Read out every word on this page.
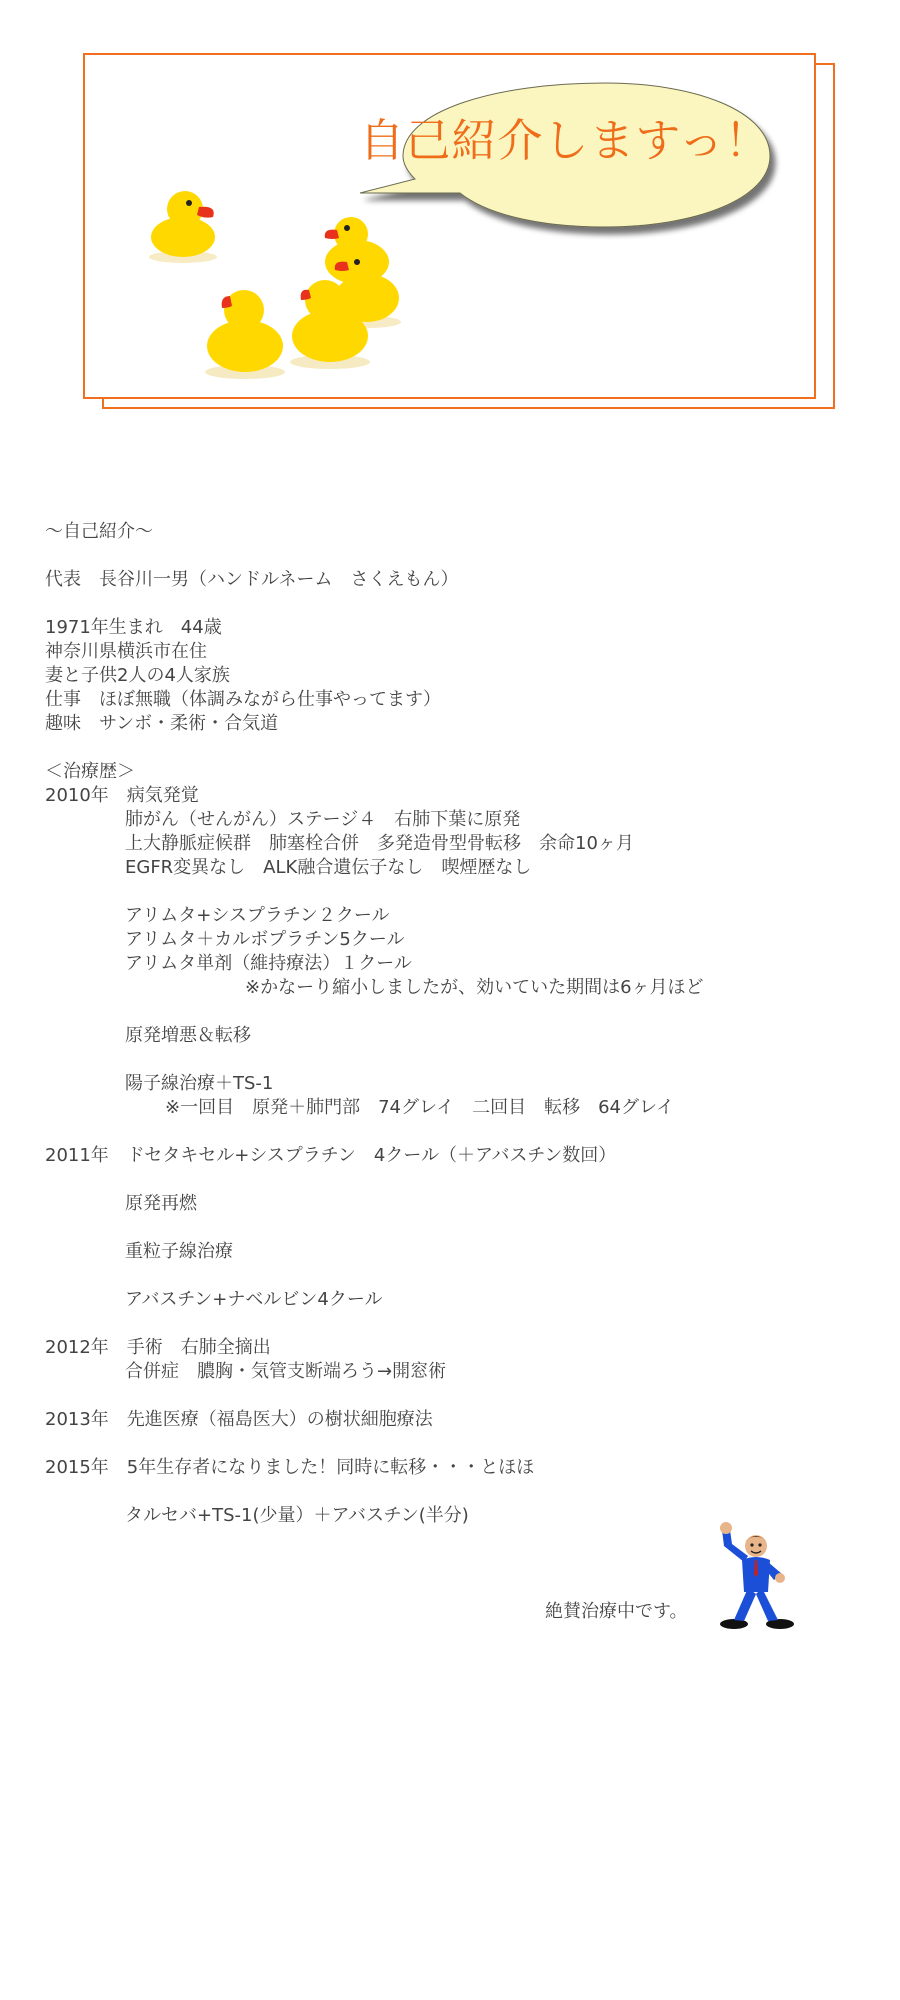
自己紹介しますっ！
〜自己紹介〜
代表　長谷川一男（ハンドルネーム　さくえもん）
1971年生まれ　44歳
神奈川県横浜市在住
妻と子供2人の4人家族
仕事　ほぼ無職（体調みながら仕事やってます）
趣味　サンボ・柔術・合気道
＜治療歴＞
2010年　病気発覚
肺がん（せんがん）ステージ４　右肺下葉に原発
上大静脈症候群　肺塞栓合併　多発造骨型骨転移　余命10ヶ月
EGFR変異なし　ALK融合遺伝子なし　喫煙歴なし
アリムタ+シスプラチン２クール
アリムタ＋カルボプラチン5クール
アリムタ単剤（維持療法）１クール
※かなーり縮小しましたが、効いていた期間は6ヶ月ほど
原発増悪＆転移
陽子線治療＋TS-1
※一回目　原発＋肺門部　74グレイ　二回目　転移　64グレイ
2011年　ドセタキセル+シスプラチン　4クール（＋アバスチン数回）
原発再燃
重粒子線治療
アバスチン+ナベルビン4クール
2012年　手術　右肺全摘出
合併症　膿胸・気管支断端ろう→開窓術
2013年　先進医療（福島医大）の樹状細胞療法
2015年　5年生存者になりました！同時に転移・・・とほほ
タルセバ+TS-1(少量）＋アバスチン(半分)
絶賛治療中です。
